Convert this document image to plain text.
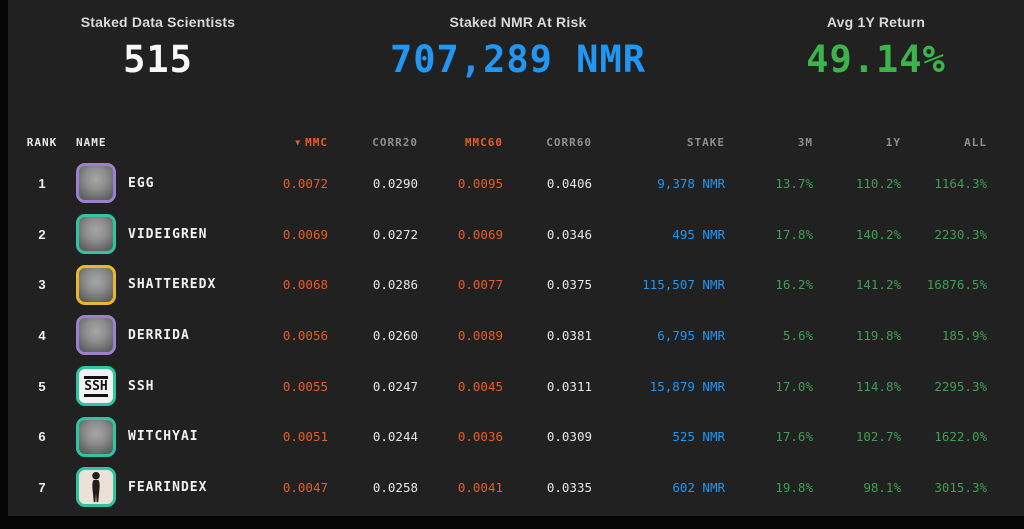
Staked Data Scientists
515
Staked NMR At Risk
707,289 NMR
Avg 1Y Return
49.14%
RANK	NAME	▼ MMC	CORR20	MMC60	CORR60	STAKE	3M	1Y	ALL
1	EGG	0.0072	0.0290	0.0095	0.0406	9,378 NMR	13.7%	110.2%	1164.3%
2	VIDEIGREN	0.0069	0.0272	0.0069	0.0346	495 NMR	17.8%	140.2%	2230.3%
3	SHATTEREDX	0.0068	0.0286	0.0077	0.0375	115,507 NMR	16.2%	141.2%	16876.5%
4	DERRIDA	0.0056	0.0260	0.0089	0.0381	6,795 NMR	5.6%	119.8%	185.9%
5	SSH SSH	0.0055	0.0247	0.0045	0.0311	15,879 NMR	17.0%	114.8%	2295.3%
6	WITCHYAI	0.0051	0.0244	0.0036	0.0309	525 NMR	17.6%	102.7%	1622.0%
7	FEARINDEX	0.0047	0.0258	0.0041	0.0335	602 NMR	19.8%	98.1%	3015.3%
